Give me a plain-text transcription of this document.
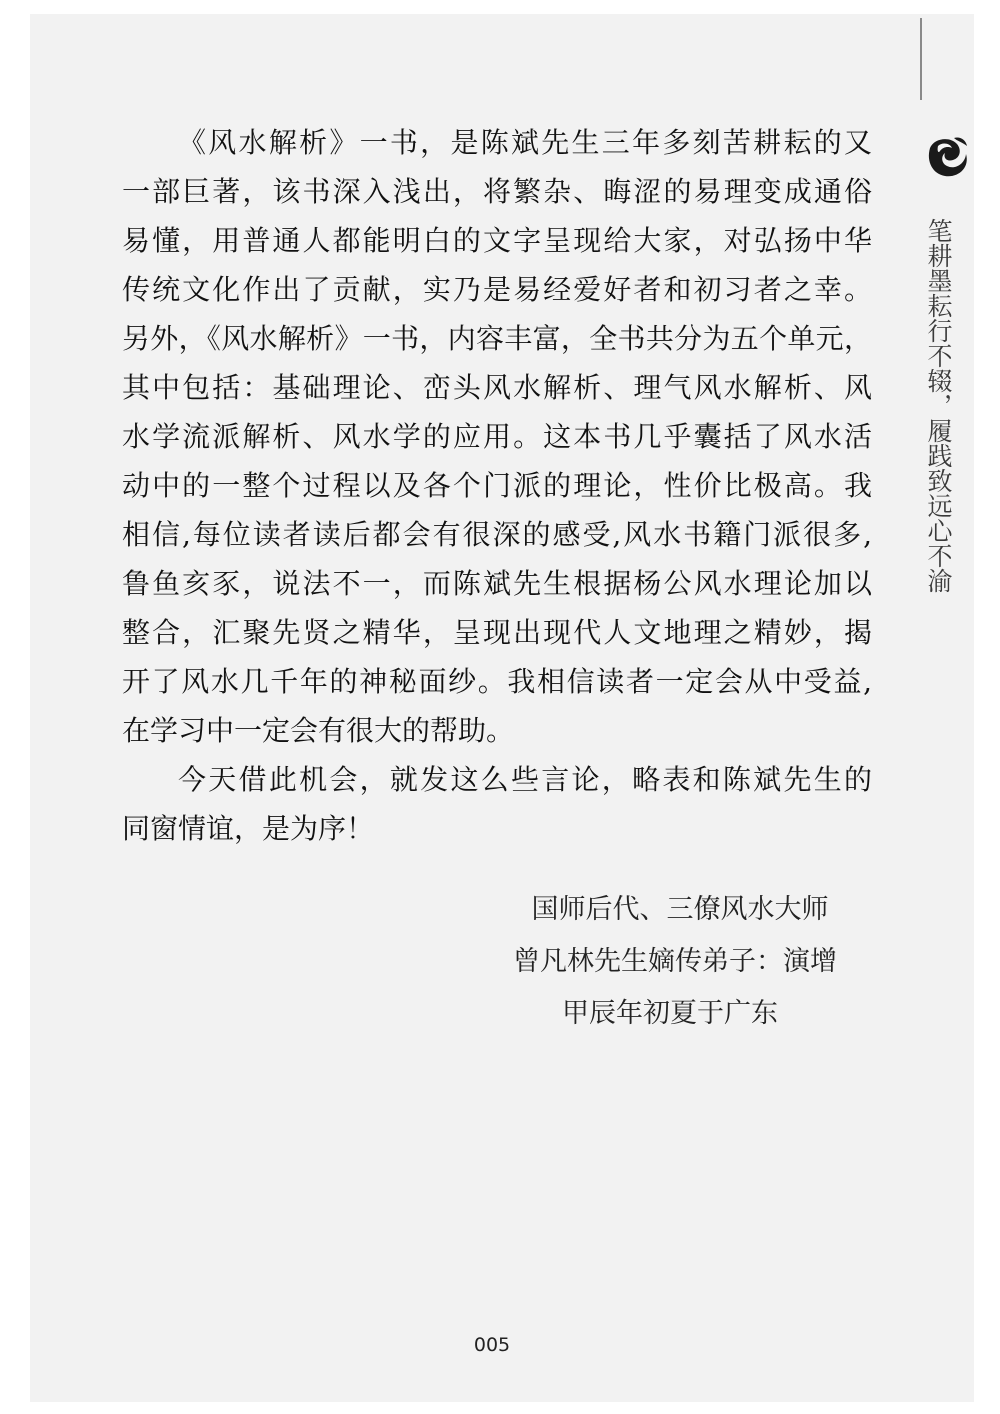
笔耕墨耘行不辍，履践致远心不渝
《风水解析》一书，是陈斌先生三年多刻苦耕耘的又
一部巨著，该书深入浅出，将繁杂、晦涩的易理变成通俗
易懂，用普通人都能明白的文字呈现给大家，对弘扬中华
传统文化作出了贡献，实乃是易经爱好者和初习者之幸。
另外，《风水解析》一书，内容丰富，全书共分为五个单元，
其中包括：基础理论、峦头风水解析、理气风水解析、风
水学流派解析、风水学的应用。这本书几乎囊括了风水活
动中的一整个过程以及各个门派的理论，性价比极高。我
相信,每位读者读后都会有很深的感受,风水书籍门派很多,
鲁鱼亥豕，说法不一，而陈斌先生根据杨公风水理论加以
整合，汇聚先贤之精华，呈现出现代人文地理之精妙，揭
开了风水几千年的神秘面纱。我相信读者一定会从中受益,
在学习中一定会有很大的帮助。
今天借此机会，就发这么些言论，略表和陈斌先生的
同窗情谊，是为序！
国师后代、三僚风水大师
曾凡林先生嫡传弟子：演增
甲辰年初夏于广东
005
